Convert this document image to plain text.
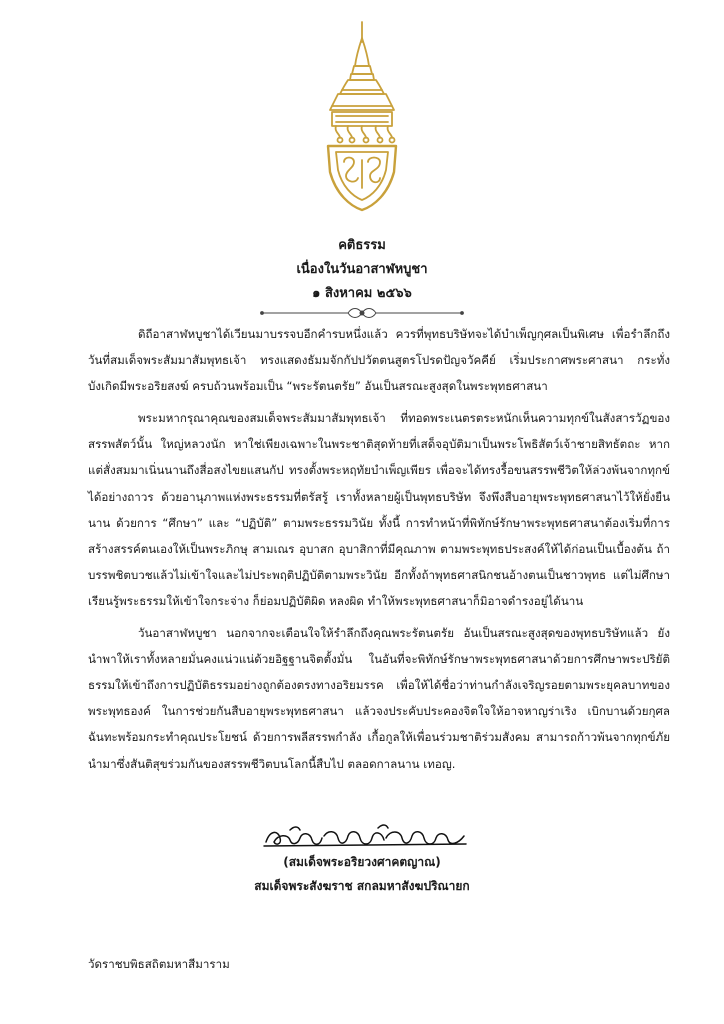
คติธรรม
เนื่องในวันอาสาฬหบูชา
๑ สิงหาคม ๒๕๖๖

ดิถีอาสาฬหบูชาได้เวียนมาบรรจบอีกคำรบหนึ่งแล้ว ควรที่พุทธบริษัทจะได้บำเพ็ญกุศลเป็นพิเศษ เพื่อรำลึกถึงวันที่สมเด็จพระสัมมาสัมพุทธเจ้า ทรงแสดงธัมมจักกัปปวัตตนสูตรโปรดปัญจวัคคีย์ เริ่มประกาศพระศาสนา กระทั่งบังเกิดมีพระอริยสงฆ์ ครบถ้วนพร้อมเป็น “พระรัตนตรัย” อันเป็นสรณะสูงสุดในพระพุทธศาสนา

พระมหากรุณาคุณของสมเด็จพระสัมมาสัมพุทธเจ้า ที่ทอดพระเนตรตระหนักเห็นความทุกข์ในสังสารวัฏของสรรพสัตว์นั้น ใหญ่หลวงนัก หาใช่เพียงเฉพาะในพระชาติสุดท้ายที่เสด็จอุบัติมาเป็นพระโพธิสัตว์เจ้าชายสิทธัตถะ หากแต่สั่งสมมาเนิ่นนานถึงสี่อสงไขยแสนกัป ทรงตั้งพระหฤทัยบำเพ็ญเพียร เพื่อจะได้ทรงรื้อขนสรรพชีวิตให้ล่วงพ้นจากทุกข์ได้อย่างถาวร ด้วยอานุภาพแห่งพระธรรมที่ตรัสรู้ เราทั้งหลายผู้เป็นพุทธบริษัท จึงพึงสืบอายุพระพุทธศาสนาไว้ให้ยั่งยืนนาน ด้วยการ “ศึกษา” และ “ปฏิบัติ” ตามพระธรรมวินัย ทั้งนี้ การทำหน้าที่พิทักษ์รักษาพระพุทธศาสนาต้องเริ่มที่การสร้างสรรค์ตนเองให้เป็นพระภิกษุ สามเณร อุบาสก อุบาสิกาที่มีคุณภาพ ตามพระพุทธประสงค์ให้ได้ก่อนเป็นเบื้องต้น ถ้าบรรพชิตบวชแล้วไม่เข้าใจและไม่ประพฤติปฏิบัติตามพระวินัย อีกทั้งถ้าพุทธศาสนิกชนอ้างตนเป็นชาวพุทธ แต่ไม่ศึกษาเรียนรู้พระธรรมให้เข้าใจกระจ่าง ก็ย่อมปฏิบัติผิด หลงผิด ทำให้พระพุทธศาสนาก็มิอาจดำรงอยู่ได้นาน

วันอาสาฬหบูชา นอกจากจะเตือนใจให้รำลึกถึงคุณพระรัตนตรัย อันเป็นสรณะสูงสุดของพุทธบริษัทแล้ว ยังนำพาให้เราทั้งหลายมั่นคงแน่วแน่ด้วยอิฐฐานจิตตั้งมั่น ในอันที่จะพิทักษ์รักษาพระพุทธศาสนาด้วยการศึกษาพระปริยัติธรรมให้เข้าถึงการปฏิบัติธรรมอย่างถูกต้องตรงทางอริยมรรค เพื่อให้ได้ชื่อว่าท่านกำลังเจริญรอยตามพระยุคลบาทของพระพุทธองค์ ในการช่วยกันสืบอายุพระพุทธศาสนา แล้วจงประคับประคองจิตใจให้อาจหาญร่าเริง เบิกบานด้วยกุศลฉันทะพร้อมกระทำคุณประโยชน์ ด้วยการพลีสรรพกำลัง เกื้อกูลให้เพื่อนร่วมชาติร่วมสังคม สามารถก้าวพ้นจากทุกข์ภัย นำมาซึ่งสันติสุขร่วมกันของสรรพชีวิตบนโลกนี้สืบไป ตลอดกาลนาน เทอญ.

(สมเด็จพระอริยวงศาคตญาณ)
สมเด็จพระสังฆราช สกลมหาสังฆปริณายก
วัดราชบพิธสถิตมหาสีมาราม
